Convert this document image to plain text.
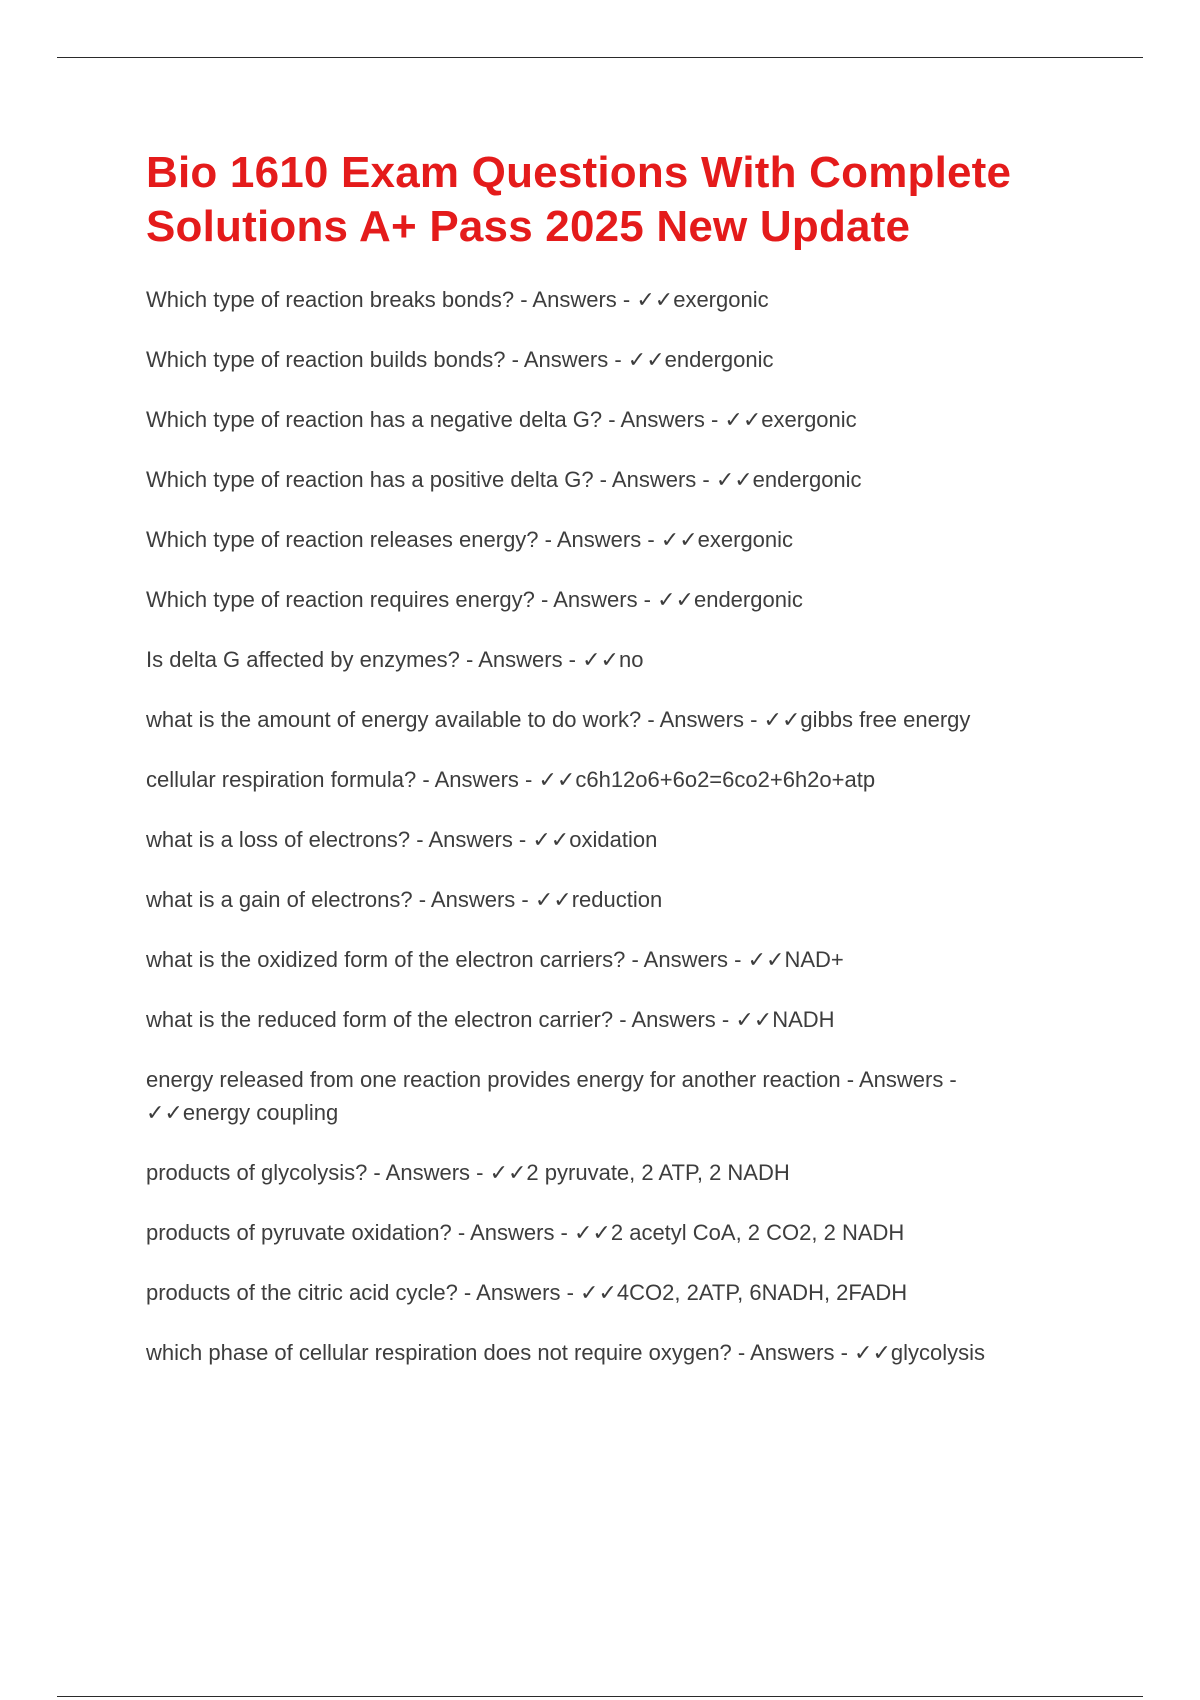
Bio 1610 Exam Questions With Complete Solutions A+ Pass 2025 New Update
Which type of reaction breaks bonds? - Answers - ✓✓exergonic
Which type of reaction builds bonds? - Answers - ✓✓endergonic
Which type of reaction has a negative delta G? - Answers - ✓✓exergonic
Which type of reaction has a positive delta G? - Answers - ✓✓endergonic
Which type of reaction releases energy? - Answers - ✓✓exergonic
Which type of reaction requires energy? - Answers - ✓✓endergonic
Is delta G affected by enzymes? - Answers - ✓✓no
what is the amount of energy available to do work? - Answers - ✓✓gibbs free energy
cellular respiration formula? - Answers - ✓✓c6h12o6+6o2=6co2+6h2o+atp
what is a loss of electrons? - Answers - ✓✓oxidation
what is a gain of electrons? - Answers - ✓✓reduction
what is the oxidized form of the electron carriers? - Answers - ✓✓NAD+
what is the reduced form of the electron carrier? - Answers - ✓✓NADH
energy released from one reaction provides energy for another reaction - Answers - ✓✓energy coupling
products of glycolysis? - Answers - ✓✓2 pyruvate, 2 ATP, 2 NADH
products of pyruvate oxidation? - Answers - ✓✓2 acetyl CoA, 2 CO2, 2 NADH
products of the citric acid cycle? - Answers - ✓✓4CO2, 2ATP, 6NADH, 2FADH
which phase of cellular respiration does not require oxygen? - Answers - ✓✓glycolysis
